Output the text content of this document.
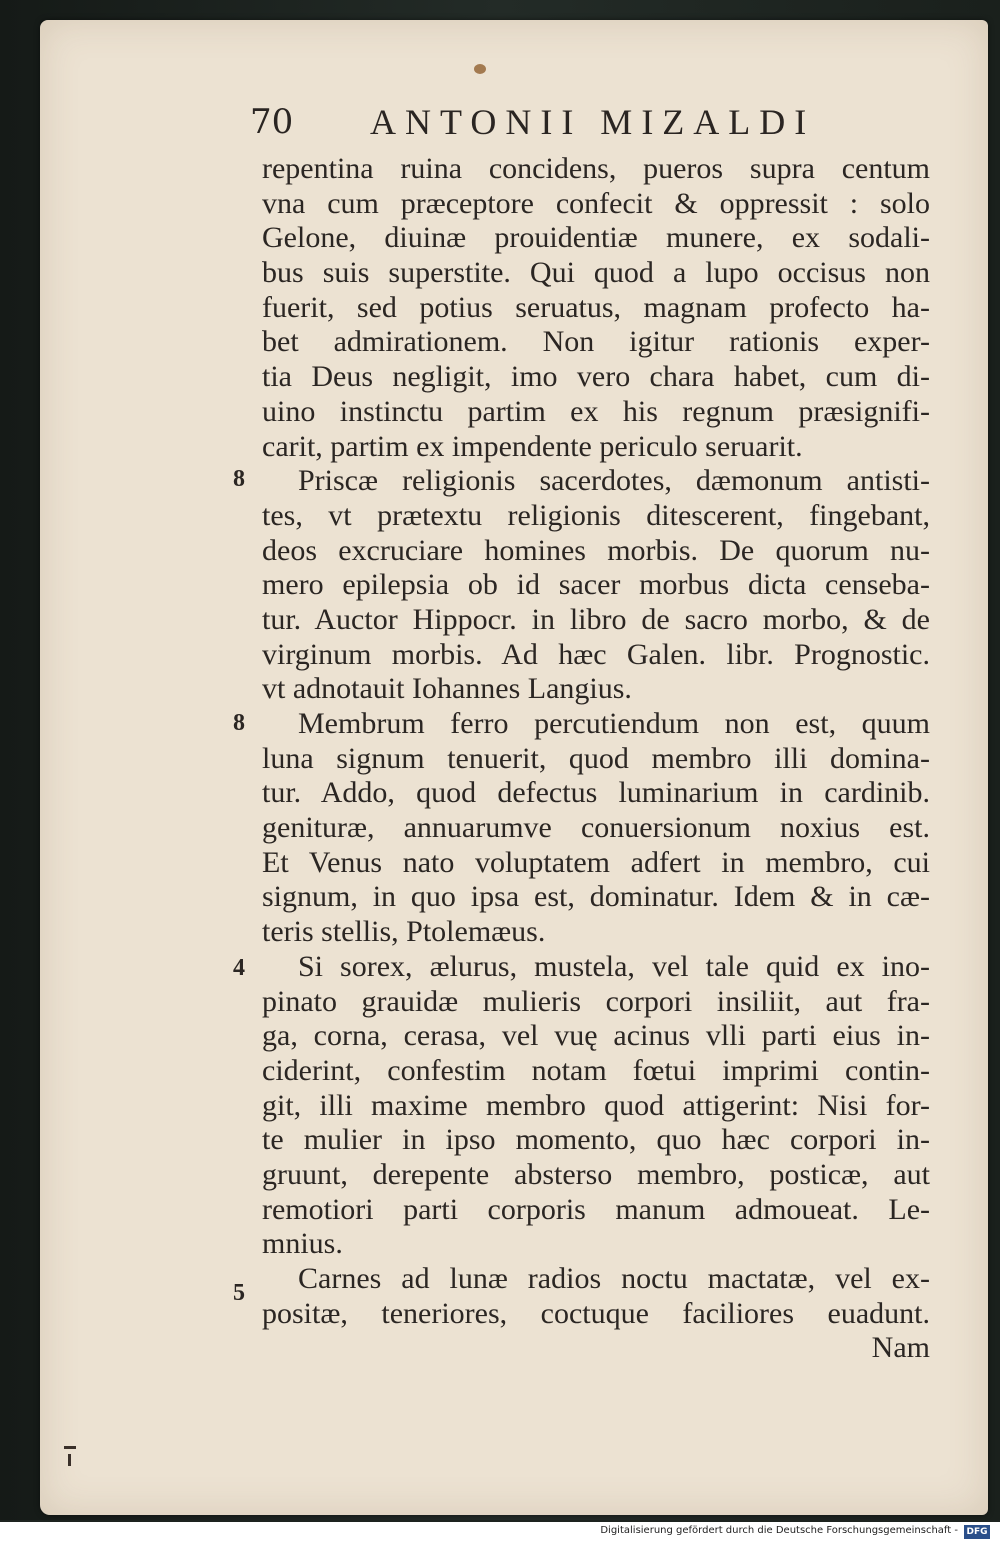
70 ANTONII MIZALDI
8
8
4
5
repentina ruina concidens, pueros supra centum
vna cum præceptore confecit & oppressit : solo
Gelone, diuinæ prouidentiæ munere, ex sodali-
bus suis superstite. Qui quod a lupo occisus non
fuerit, sed potius seruatus, magnam profecto ha-
bet admirationem. Non igitur rationis exper-
tia Deus negligit, imo vero chara habet, cum di-
uino instinctu partim ex his regnum præsignifi-
carit, partim ex impendente periculo seruarit.
Priscæ religionis sacerdotes, dæmonum antisti-
tes, vt prætextu religionis ditescerent, fingebant,
deos excruciare homines morbis. De quorum nu-
mero epilepsia ob id sacer morbus dicta censeba-
tur. Auctor Hippocr. in libro de sacro morbo, & de
virginum morbis. Ad hæc Galen. libr. Prognostic.
vt adnotauit Iohannes Langius.
Membrum ferro percutiendum non est, quum
luna signum tenuerit, quod membro illi domina-
tur. Addo, quod defectus luminarium in cardinib.
genituræ, annuarumve conuersionum noxius est.
Et Venus nato voluptatem adfert in membro, cui
signum, in quo ipsa est, dominatur. Idem & in cæ-
teris stellis, Ptolemæus.
Si sorex, ælurus, mustela, vel tale quid ex ino-
pinato grauidæ mulieris corpori insiliit, aut fra-
ga, corna, cerasa, vel vuę acinus vlli parti eius in-
ciderint, confestim notam fœtui imprimi contin-
git, illi maxime membro quod attigerint: Nisi for-
te mulier in ipso momento, quo hæc corpori in-
gruunt, derepente absterso membro, posticæ, aut
remotiori parti corporis manum admoueat. Le-
mnius.
Carnes ad lunæ radios noctu mactatæ, vel ex-
positæ, teneriores, coctuque faciliores euadunt.
Nam
Digitalisierung gefördert durch die Deutsche Forschungsgemeinschaft - DFG
